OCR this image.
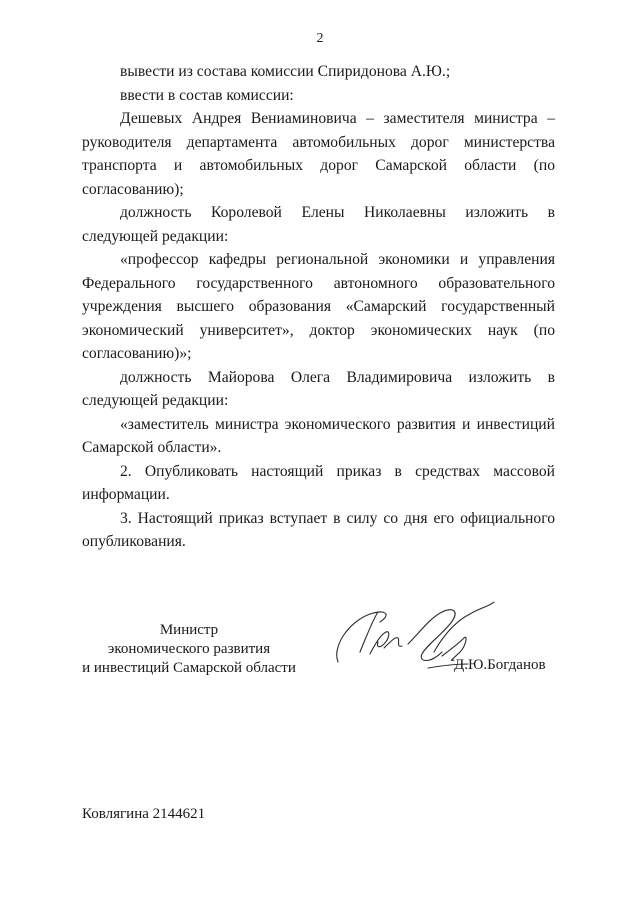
2

вывести из состава комиссии Спиридонова А.Ю.;

ввести в состав комиссии:

Дешевых Андрея Вениаминовича – заместителя министра – руководителя департамента автомобильных дорог министерства транспорта и автомобильных дорог Самарской области (по согласованию);

должность Королевой Елены Николаевны изложить в следующей редакции:

«профессор кафедры региональной экономики и управления Федерального государственного автономного образовательного учреждения высшего образования «Самарский государственный экономический университет», доктор экономических наук (по согласованию)»;

должность Майорова Олега Владимировича изложить в следующей редакции:

«заместитель министра экономического развития и инвестиций Самарской области».

2. Опубликовать настоящий приказ в средствах массовой информации.

3. Настоящий приказ вступает в силу со дня его официального опубликования.

Министр
экономического развития
и инвестиций Самарской области	Д.Ю.Богданов
Ковлягина 2144621
